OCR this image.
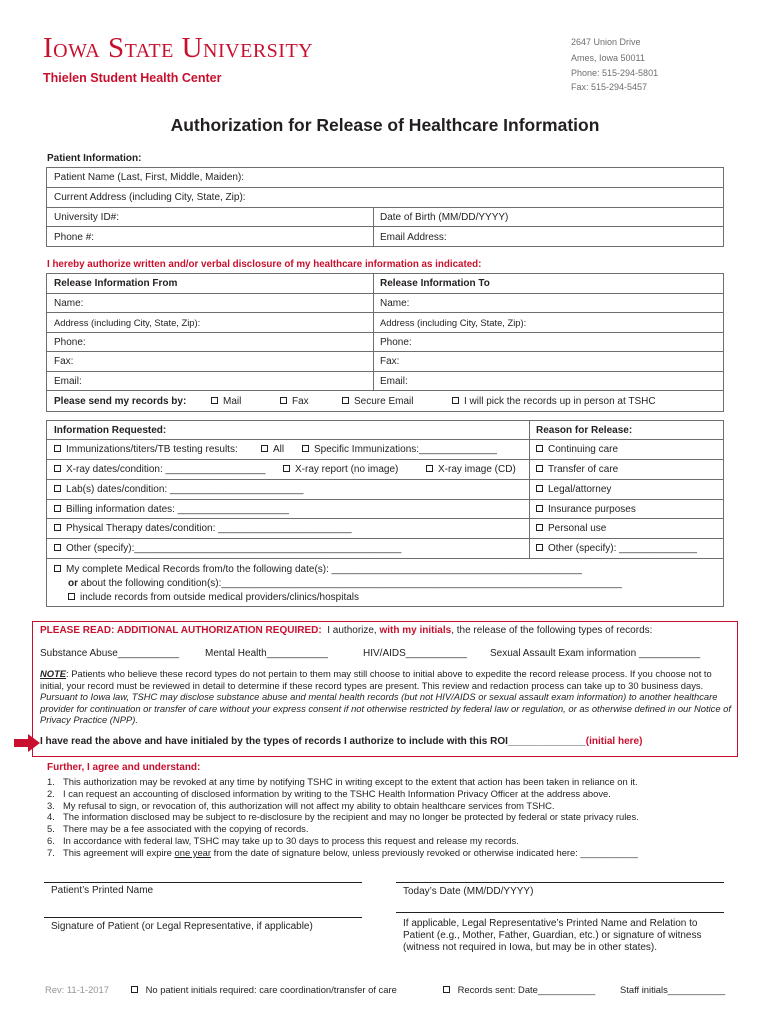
Iowa State University
Thielen Student Health Center
2647 Union Drive
Ames, Iowa 50011
Phone: 515-294-5801
Fax: 515-294-5457
Authorization for Release of Healthcare Information
Patient Information:
Patient Name (Last, First, Middle, Maiden):
Current Address (including City, State, Zip):
University ID#:	Date of Birth (MM/DD/YYYY)
Phone #:	Email Address:
I hereby authorize written and/or verbal disclosure of my healthcare information as indicated:
Release Information From	Release Information To
Name:	Name:
Address (including City, State, Zip):	Address (including City, State, Zip):
Phone:	Phone:
Fax:	Fax:
Email:	Email:
Please send my records by:	Mail	Fax	Secure Email	I will pick the records up in person at TSHC
Information Requested:	Reason for Release:
Immunizations/titers/TB testing results:	All	Specific Immunizations:______________	Continuing care
X-ray dates/condition: __________________	X-ray report (no image)	X-ray image (CD)	Transfer of care
Lab(s) dates/condition: ________________________	Legal/attorney
Billing information dates: ____________________	Insurance purposes
Physical Therapy dates/condition: ________________________	Personal use
Other (specify):________________________________________________	Other (specify): ______________
My complete Medical Records from/to the following date(s): _____________________________________________
or about the following condition(s):________________________________________________________________________
include records from outside medical providers/clinics/hospitals
PLEASE READ: ADDITIONAL AUTHORIZATION REQUIRED: I authorize, with my initials, the release of the following types of records:
Substance Abuse___________	Mental Health___________	HIV/AIDS___________ Sexual Assault Exam information ___________
NOTE: Patients who believe these record types do not pertain to them may still choose to initial above to expedite the record release process. If you choose not to initial, your record must be reviewed in detail to determine if these record types are present. This review and redaction process can take up to 30 business days. Pursuant to Iowa law, TSHC may disclose substance abuse and mental health records (but not HIV/AIDS or sexual assault exam information) to another healthcare provider for continuation or transfer of care without your express consent if not otherwise restricted by federal law or regulation, or as otherwise defined in our Notice of Privacy Practice (NPP).
I have read the above and have initialed by the types of records I authorize to include with this ROI______________(initial here)
Further, I agree and understand:
1. This authorization may be revoked at any time by notifying TSHC in writing except to the extent that action has been taken in reliance on it.
2. I can request an accounting of disclosed information by writing to the TSHC Health Information Privacy Officer at the address above.
3. My refusal to sign, or revocation of, this authorization will not affect my ability to obtain healthcare services from TSHC.
4. The information disclosed may be subject to re-disclosure by the recipient and may no longer be protected by federal or state privacy rules.
5. There may be a fee associated with the copying of records.
6. In accordance with federal law, TSHC may take up to 30 days to process this request and release my records.
7. This agreement will expire one year from the date of signature below, unless previously revoked or otherwise indicated here: ___________
Patient’s Printed Name	Today’s Date (MM/DD/YYYY)
Signature of Patient (or Legal Representative, if applicable)	If applicable, Legal Representative’s Printed Name and Relation to Patient (e.g., Mother, Father, Guardian, etc.) or signature of witness (witness not required in Iowa, but may be in other states).
Rev: 11-1-2017	No patient initials required: care coordination/transfer of care	Records sent: Date___________	Staff initials___________
